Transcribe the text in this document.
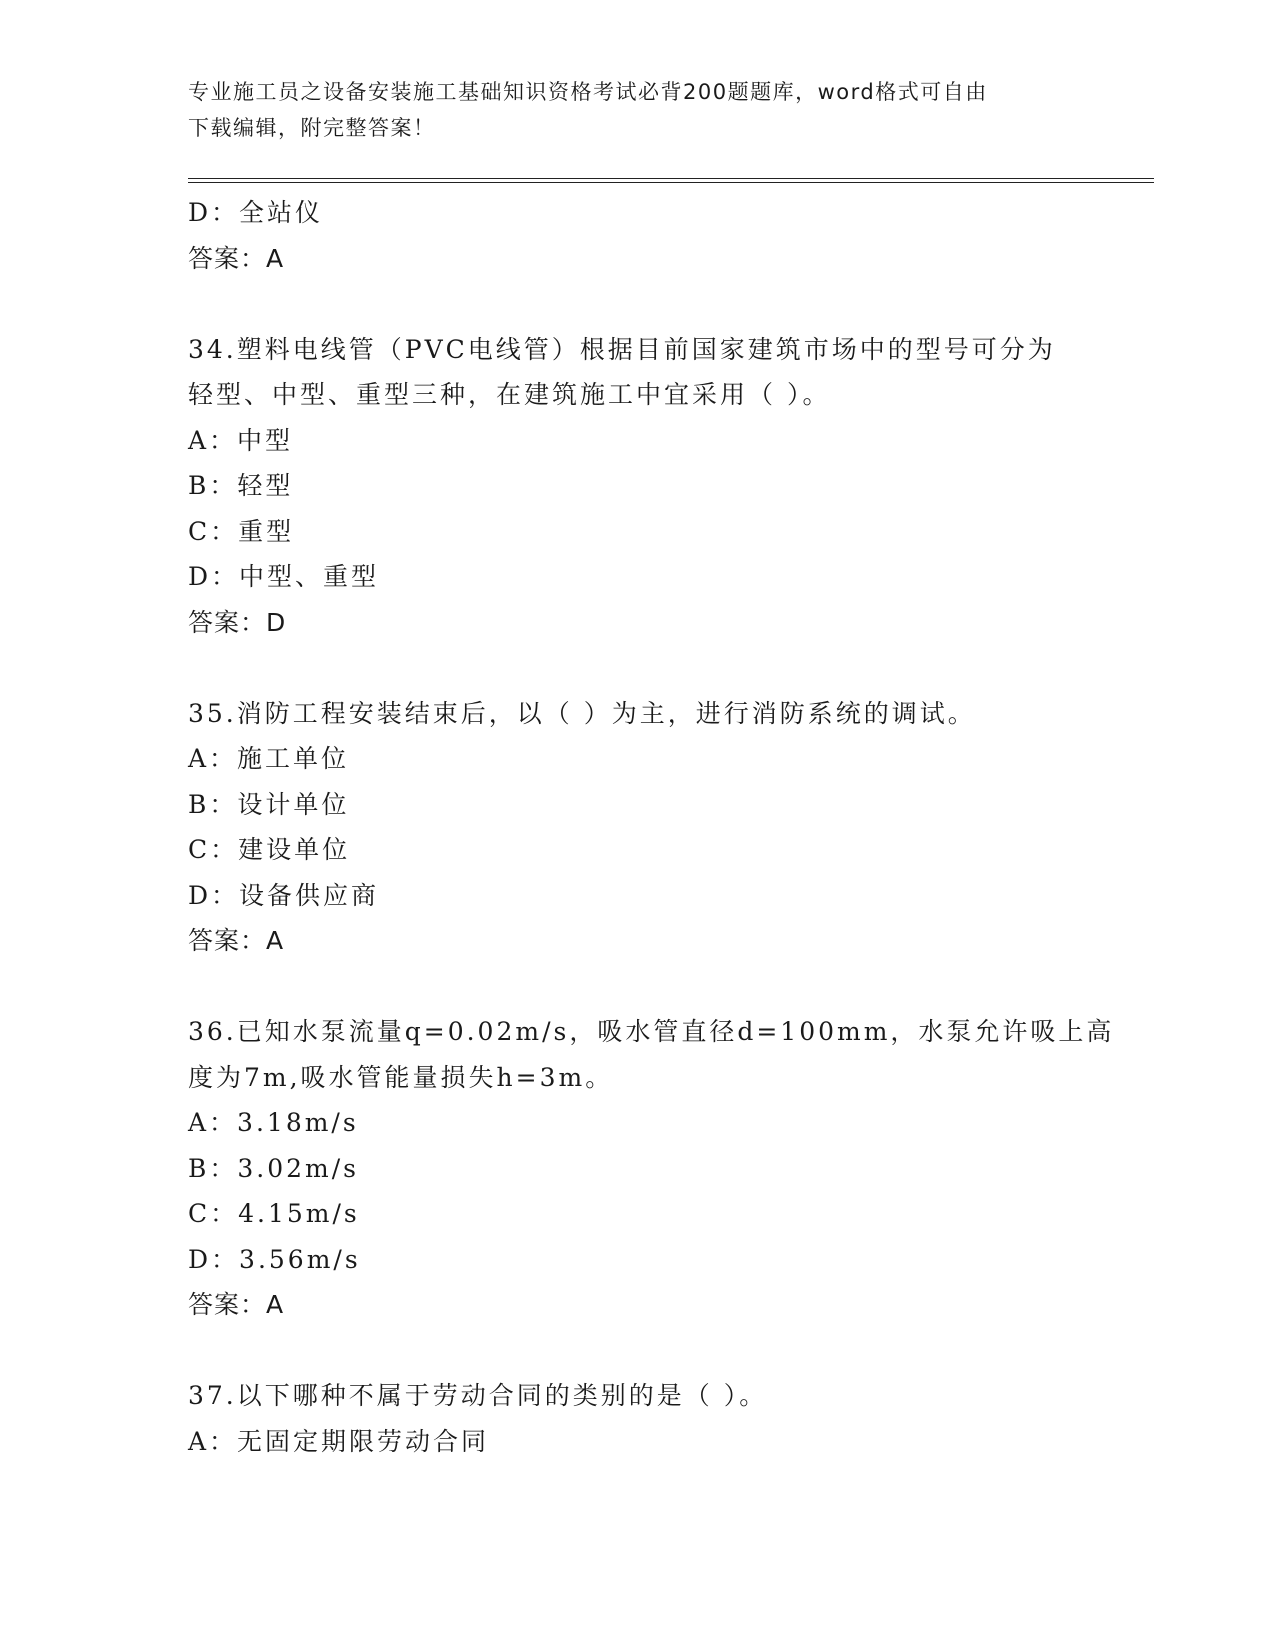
专业施工员之设备安装施工基础知识资格考试必背200题题库，word格式可自由
下载编辑，附完整答案！
D：全站仪
答案：A
34.塑料电线管（PVC电线管）根据目前国家建筑市场中的型号可分为
轻型、中型、重型三种，在建筑施工中宜采用（ ）。
A：中型
B：轻型
C：重型
D：中型、重型
答案：D
35.消防工程安装结束后，以（ ）为主，进行消防系统的调试。
A：施工单位
B：设计单位
C：建设单位
D：设备供应商
答案：A
36.已知水泵流量q=0.02m/s，吸水管直径d=100mm，水泵允许吸上高
度为7m,吸水管能量损失h=3m。
A：3.18m/s
B：3.02m/s
C：4.15m/s
D：3.56m/s
答案：A
37.以下哪种不属于劳动合同的类别的是（ ）。
A：无固定期限劳动合同
